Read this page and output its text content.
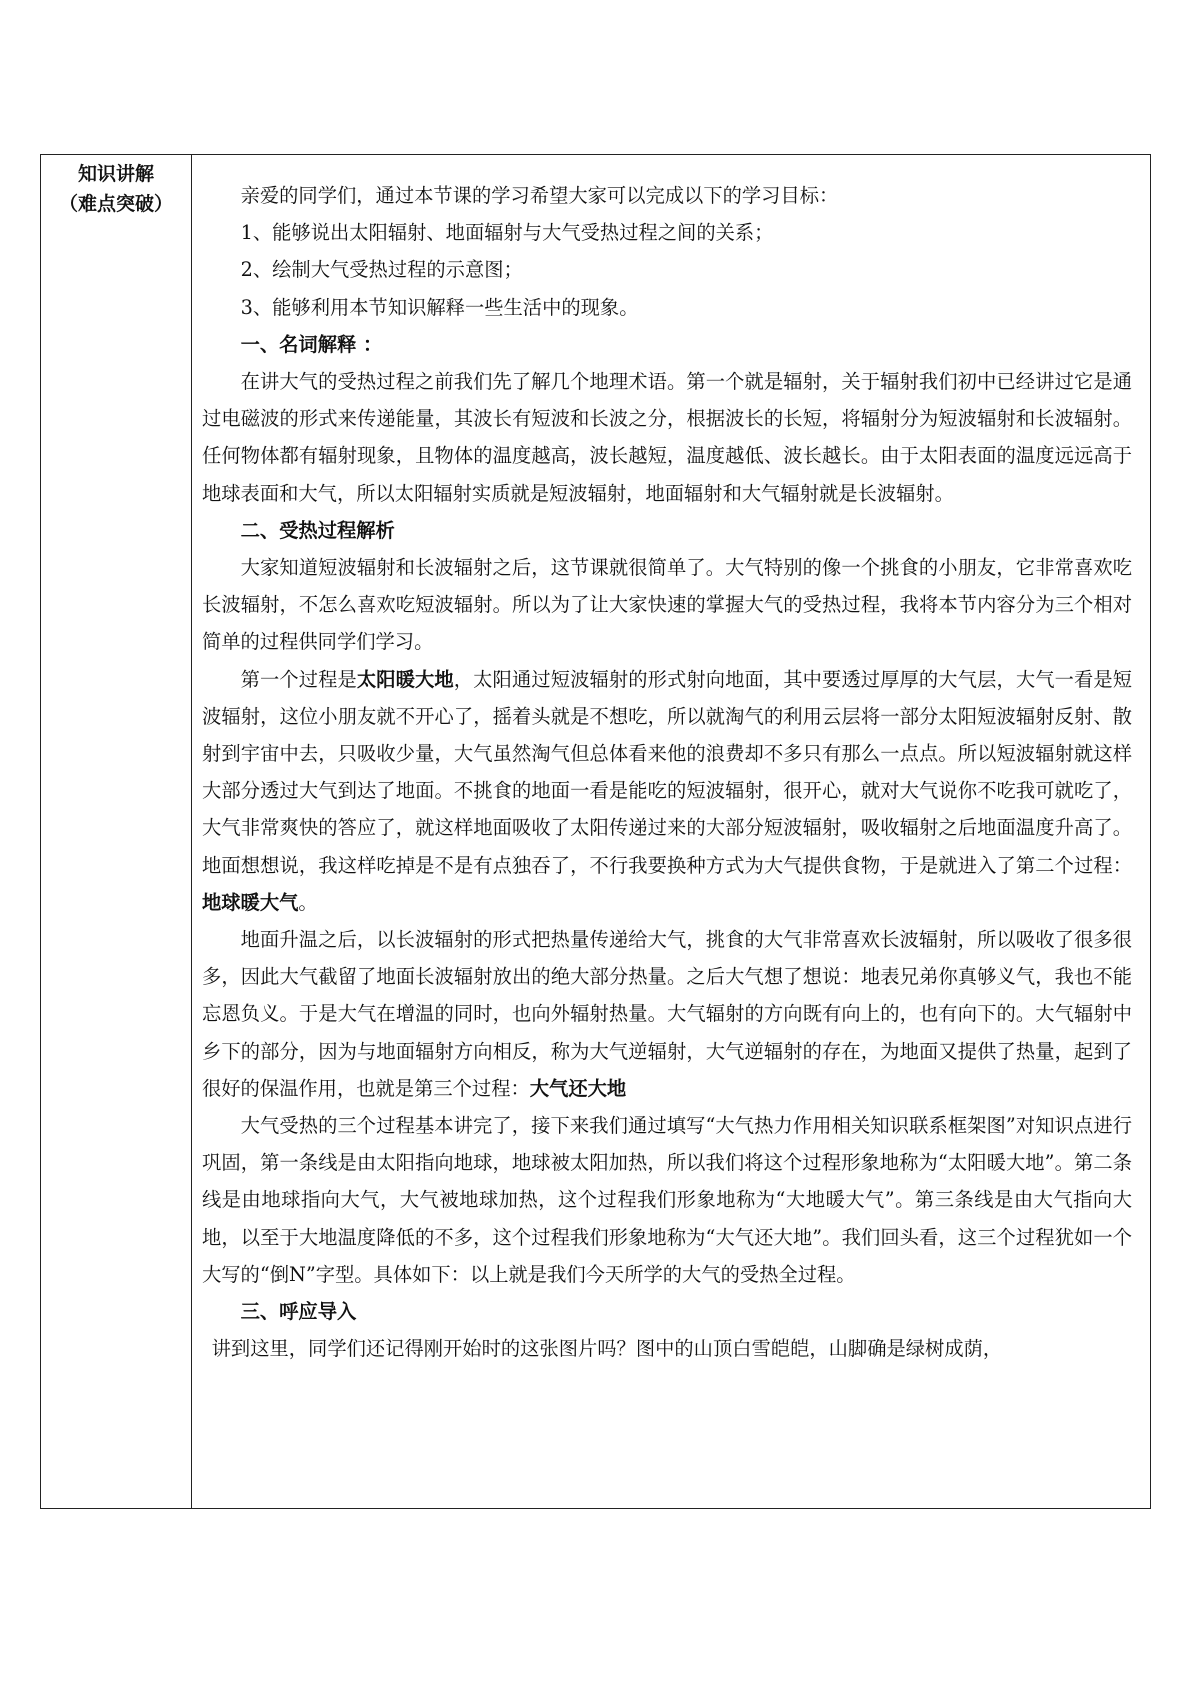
知识讲解
（难点突破）	亲爱的同学们，通过本节课的学习希望大家可以完成以下的学习目标：

1、能够说出太阳辐射、地面辐射与大气受热过程之间的关系；

2、绘制大气受热过程的示意图；

3、能够利用本节知识解释一些生活中的现象。

一、名词解释 ：

在讲大气的受热过程之前我们先了解几个地理术语。第一个就是辐射，关于辐射我们初中已经讲过它是通过电磁波的形式来传递能量，其波长有短波和长波之分，根据波长的长短，将辐射分为短波辐射和长波辐射。任何物体都有辐射现象，且物体的温度越高，波长越短，温度越低、波长越长。由于太阳表面的温度远远高于地球表面和大气，所以太阳辐射实质就是短波辐射，地面辐射和大气辐射就是长波辐射。

二、受热过程解析

大家知道短波辐射和长波辐射之后，这节课就很简单了。大气特别的像一个挑食的小朋友，它非常喜欢吃长波辐射，不怎么喜欢吃短波辐射。所以为了让大家快速的掌握大气的受热过程，我将本节内容分为三个相对简单的过程供同学们学习。

第一个过程是太阳暖大地，太阳通过短波辐射的形式射向地面，其中要透过厚厚的大气层，大气一看是短波辐射，这位小朋友就不开心了，摇着头就是不想吃，所以就淘气的利用云层将一部分太阳短波辐射反射、散射到宇宙中去，只吸收少量，大气虽然淘气但总体看来他的浪费却不多只有那么一点点。所以短波辐射就这样大部分透过大气到达了地面。不挑食的地面一看是能吃的短波辐射，很开心，就对大气说你不吃我可就吃了，大气非常爽快的答应了，就这样地面吸收了太阳传递过来的大部分短波辐射，吸收辐射之后地面温度升高了。地面想想说，我这样吃掉是不是有点独吞了，不行我要换种方式为大气提供食物，于是就进入了第二个过程：地球暖大气。

地面升温之后，以长波辐射的形式把热量传递给大气，挑食的大气非常喜欢长波辐射，所以吸收了很多很多，因此大气截留了地面长波辐射放出的绝大部分热量。之后大气想了想说：地表兄弟你真够义气，我也不能忘恩负义。于是大气在增温的同时，也向外辐射热量。大气辐射的方向既有向上的，也有向下的。大气辐射中乡下的部分，因为与地面辐射方向相反，称为大气逆辐射，大气逆辐射的存在，为地面又提供了热量，起到了很好的保温作用，也就是第三个过程：大气还大地

大气受热的三个过程基本讲完了，接下来我们通过填写“大气热力作用相关知识联系框架图”对知识点进行巩固，第一条线是由太阳指向地球，地球被太阳加热，所以我们将这个过程形象地称为“太阳暖大地”。第二条线是由地球指向大气，大气被地球加热，这个过程我们形象地称为“大地暖大气”。第三条线是由大气指向大地，以至于大地温度降低的不多，这个过程我们形象地称为“大气还大地”。我们回头看，这三个过程犹如一个大写的“倒N”字型。具体如下：以上就是我们今天所学的大气的受热全过程。

三、呼应导入

讲到这里，同学们还记得刚开始时的这张图片吗？图中的山顶白雪皑皑，山脚确是绿树成荫，
